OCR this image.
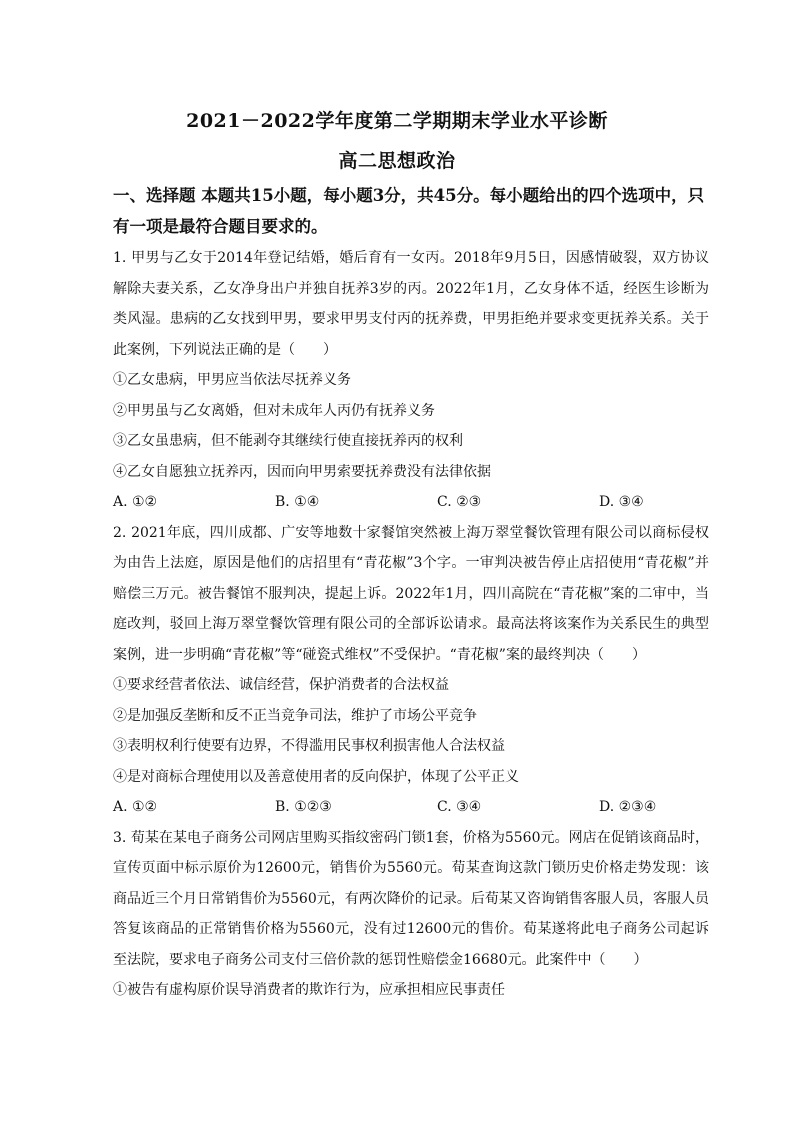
2021－2022学年度第二学期期末学业水平诊断
高二思想政治
一、选择题 本题共15小题，每小题3分，共45分。每小题给出的四个选项中，只有一项是最符合题目要求的。

1. 甲男与乙女于2014年登记结婚，婚后育有一女丙。2018年9月5日，因感情破裂，双方协议解除夫妻关系，乙女净身出户并独自抚养3岁的丙。2022年1月，乙女身体不适，经医生诊断为类风湿。患病的乙女找到甲男，要求甲男支付丙的抚养费，甲男拒绝并要求变更抚养关系。关于此案例，下列说法正确的是（　　）

①乙女患病，甲男应当依法尽抚养义务

②甲男虽与乙女离婚，但对未成年人丙仍有抚养义务

③乙女虽患病，但不能剥夺其继续行使直接抚养丙的权利

④乙女自愿独立抚养丙，因而向甲男索要抚养费没有法律依据

A. ①②	B. ①④	C. ②③	D. ③④

2. 2021年底，四川成都、广安等地数十家餐馆突然被上海万翠堂餐饮管理有限公司以商标侵权为由告上法庭，原因是他们的店招里有“青花椒”3个字。一审判决被告停止店招使用“青花椒”并赔偿三万元。被告餐馆不服判决，提起上诉。2022年1月，四川高院在“青花椒”案的二审中，当庭改判，驳回上海万翠堂餐饮管理有限公司的全部诉讼请求。最高法将该案作为关系民生的典型案例，进一步明确“青花椒”等“碰瓷式维权”不受保护。“青花椒”案的最终判决（　　）

①要求经营者依法、诚信经营，保护消费者的合法权益

②是加强反垄断和反不正当竞争司法，维护了市场公平竞争

③表明权利行使要有边界，不得滥用民事权利损害他人合法权益

④是对商标合理使用以及善意使用者的反向保护，体现了公平正义

A. ①②	B. ①②③	C. ③④	D. ②③④

3. 荀某在某电子商务公司网店里购买指纹密码门锁1套，价格为5560元。网店在促销该商品时，宣传页面中标示原价为12600元，销售价为5560元。荀某查询这款门锁历史价格走势发现：该商品近三个月日常销售价为5560元，有两次降价的记录。后荀某又咨询销售客服人员，客服人员答复该商品的正常销售价格为5560元，没有过12600元的售价。荀某遂将此电子商务公司起诉至法院，要求电子商务公司支付三倍价款的惩罚性赔偿金16680元。此案件中（　　）

①被告有虚构原价误导消费者的欺诈行为，应承担相应民事责任
